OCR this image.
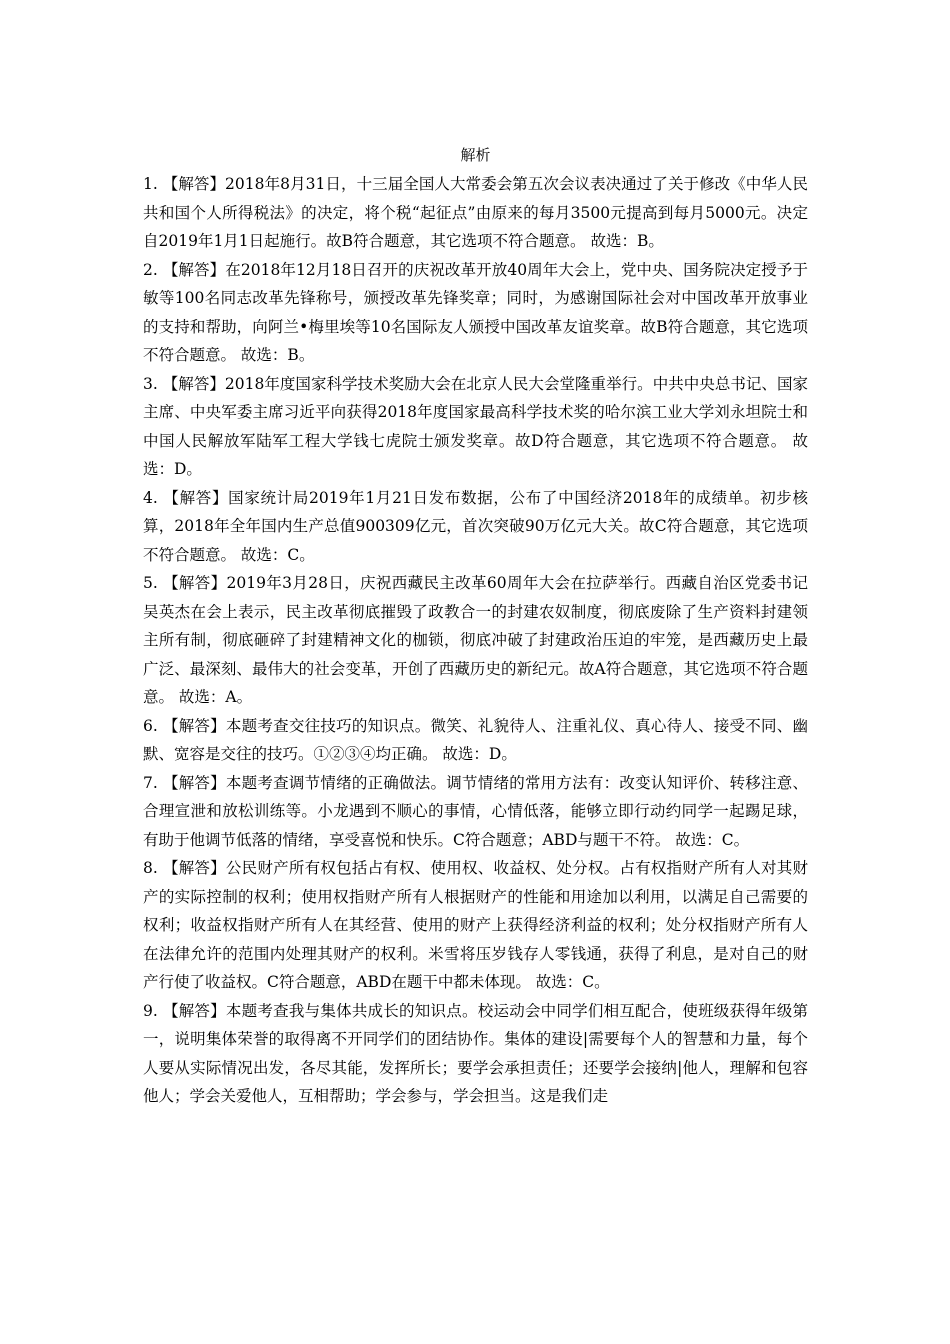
解析

1. 【解答】2018年8月31日，十三届全国人大常委会第五次会议表决通过了关于修改《中华人民共和国个人所得税法》的决定，将个税“起征点”由原来的每月3500元提高到每月5000元。决定自2019年1月1日起施行。故B符合题意，其它选项不符合题意。 故选：B。

2. 【解答】在2018年12月18日召开的庆祝改革开放40周年大会上，党中央、国务院决定授予于敏等100名同志改革先锋称号，颁授改革先锋奖章；同时，为感谢国际社会对中国改革开放事业的支持和帮助，向阿兰•梅里埃等10名国际友人颁授中国改革友谊奖章。故B符合题意，其它选项不符合题意。 故选：B。

3. 【解答】2018年度国家科学技术奖励大会在北京人民大会堂隆重举行。中共中央总书记、国家主席、中央军委主席习近平向获得2018年度国家最高科学技术奖的哈尔滨工业大学刘永坦院士和中国人民解放军陆军工程大学钱七虎院士颁发奖章。故D符合题意，其它选项不符合题意。 故选：D。

4. 【解答】国家统计局2019年1月21日发布数据，公布了中国经济2018年的成绩单。初步核算，2018年全年国内生产总值900309亿元，首次突破90万亿元大关。故C符合题意，其它选项不符合题意。 故选：C。

5. 【解答】2019年3月28日，庆祝西藏民主改革60周年大会在拉萨举行。西藏自治区党委书记吴英杰在会上表示，民主改革彻底摧毁了政教合一的封建农奴制度，彻底废除了生产资料封建领主所有制，彻底砸碎了封建精神文化的枷锁，彻底冲破了封建政治压迫的牢笼，是西藏历史上最广泛、最深刻、最伟大的社会变革，开创了西藏历史的新纪元。故A符合题意，其它选项不符合题意。 故选：A。

6. 【解答】本题考查交往技巧的知识点。微笑、礼貌待人、注重礼仪、真心待人、接受不同、幽默、宽容是交往的技巧。①②③④均正确。 故选：D。

7. 【解答】本题考查调节情绪的正确做法。调节情绪的常用方法有：改变认知评价、转移注意、合理宣泄和放松训练等。小龙遇到不顺心的事情，心情低落，能够立即行动约同学一起踢足球，有助于他调节低落的情绪，享受喜悦和快乐。C符合题意；ABD与题干不符。 故选：C。

8. 【解答】公民财产所有权包括占有权、使用权、收益权、处分权。占有权指财产所有人对其财产的实际控制的权利；使用权指财产所有人根据财产的性能和用途加以利用，以满足自己需要的权利；收益权指财产所有人在其经营、使用的财产上获得经济利益的权利；处分权指财产所有人在法律允许的范围内处理其财产的权利。米雪将压岁钱存人零钱通，获得了利息，是对自己的财产行使了收益权。C符合题意，ABD在题干中都未体现。 故选：C。

9. 【解答】本题考查我与集体共成长的知识点。校运动会中同学们相互配合，使班级获得年级第一，说明集体荣誉的取得离不开同学们的团结协作。集体的建设|需要每个人的智慧和力量，每个人要从实际情况出发，各尽其能，发挥所长；要学会承担责任；还要学会接纳|他人，理解和包容他人；学会关爱他人，互相帮助；学会参与，学会担当。这是我们走
